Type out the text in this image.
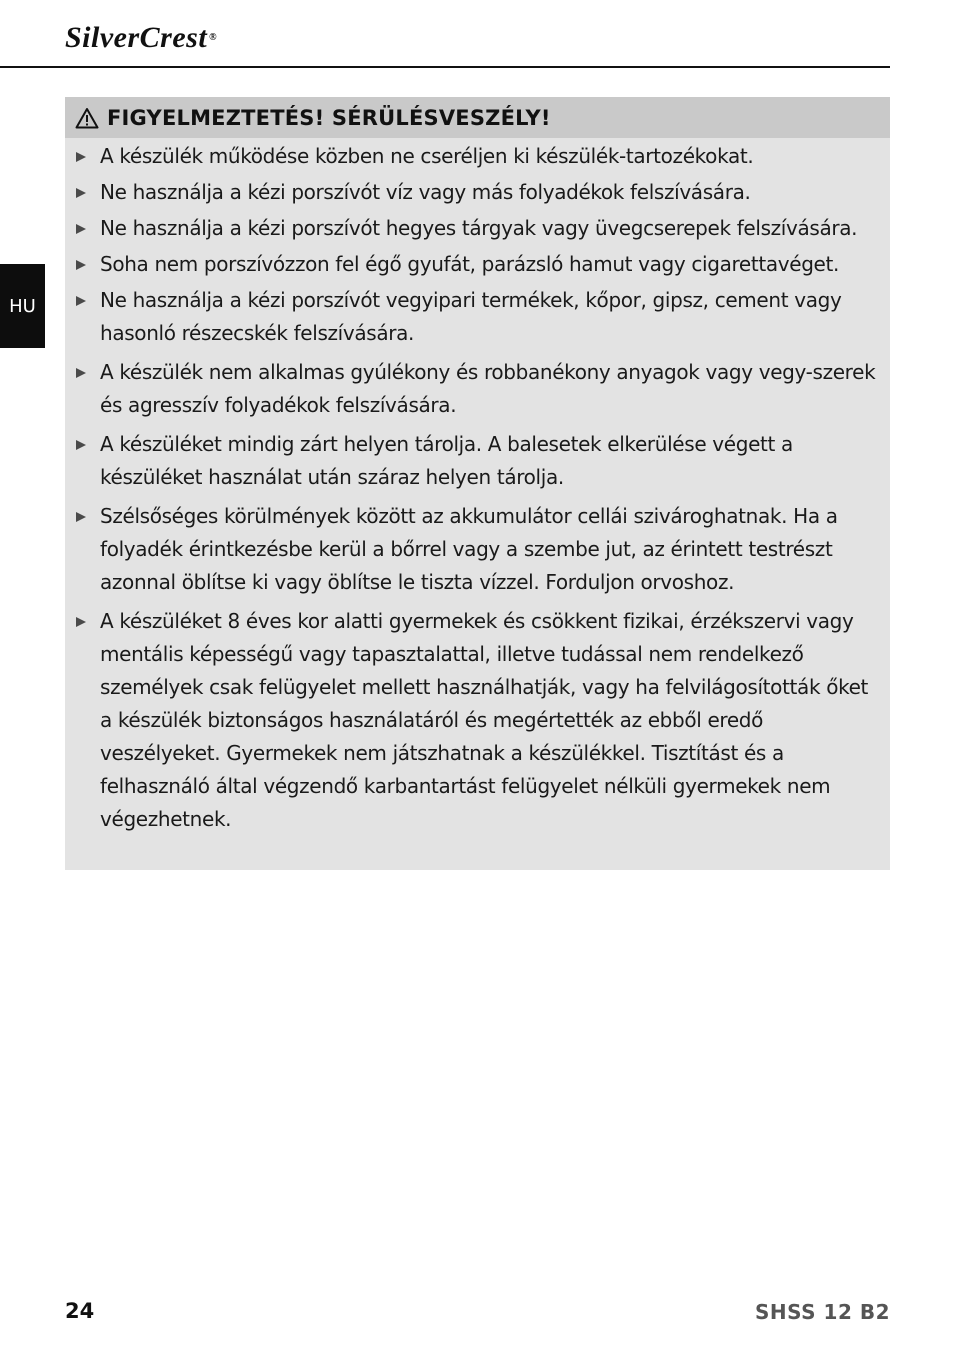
SilverCrest ®
HU
FIGYELMEZTETÉS! SÉRÜLÉSVESZÉLY!
A készülék működése közben ne cseréljen ki készülék-tartozékokat.
Ne használja a kézi porszívót víz vagy más folyadékok felszívására.
Ne használja a kézi porszívót hegyes tárgyak vagy üvegcserepek felszívására.
Soha nem porszívózzon fel égő gyufát, parázsló hamut vagy cigarettavéget.
Ne használja a kézi porszívót vegyipari termékek, kőpor, gipsz, cement vagy hasonló részecskék felszívására.
A készülék nem alkalmas gyúlékony és robbanékony anyagok vagy vegy-szerek és agresszív folyadékok felszívására.
A készüléket mindig zárt helyen tárolja. A balesetek elkerülése végett a készüléket használat után száraz helyen tárolja.
Szélsőséges körülmények között az akkumulátor cellái szivároghatnak. Ha a folyadék érintkezésbe kerül a bőrrel vagy a szembe jut, az érintett testrészt azonnal öblítse ki vagy öblítse le tiszta vízzel. Forduljon orvoshoz.
A készüléket 8 éves kor alatti gyermekek és csökkent fizikai, érzékszervi vagy mentális képességű vagy tapasztalattal, illetve tudással nem rendelkező személyek csak felügyelet mellett használhatják, vagy ha felvilágosították őket a készülék biztonságos használatáról és megértették az ebből eredő veszélyeket. Gyermekek nem játszhatnak a készülékkel. Tisztítást és a felhasználó által végzendő karbantartást felügyelet nélküli gyermekek nem végezhetnek.
24	SHSS 12 B2
